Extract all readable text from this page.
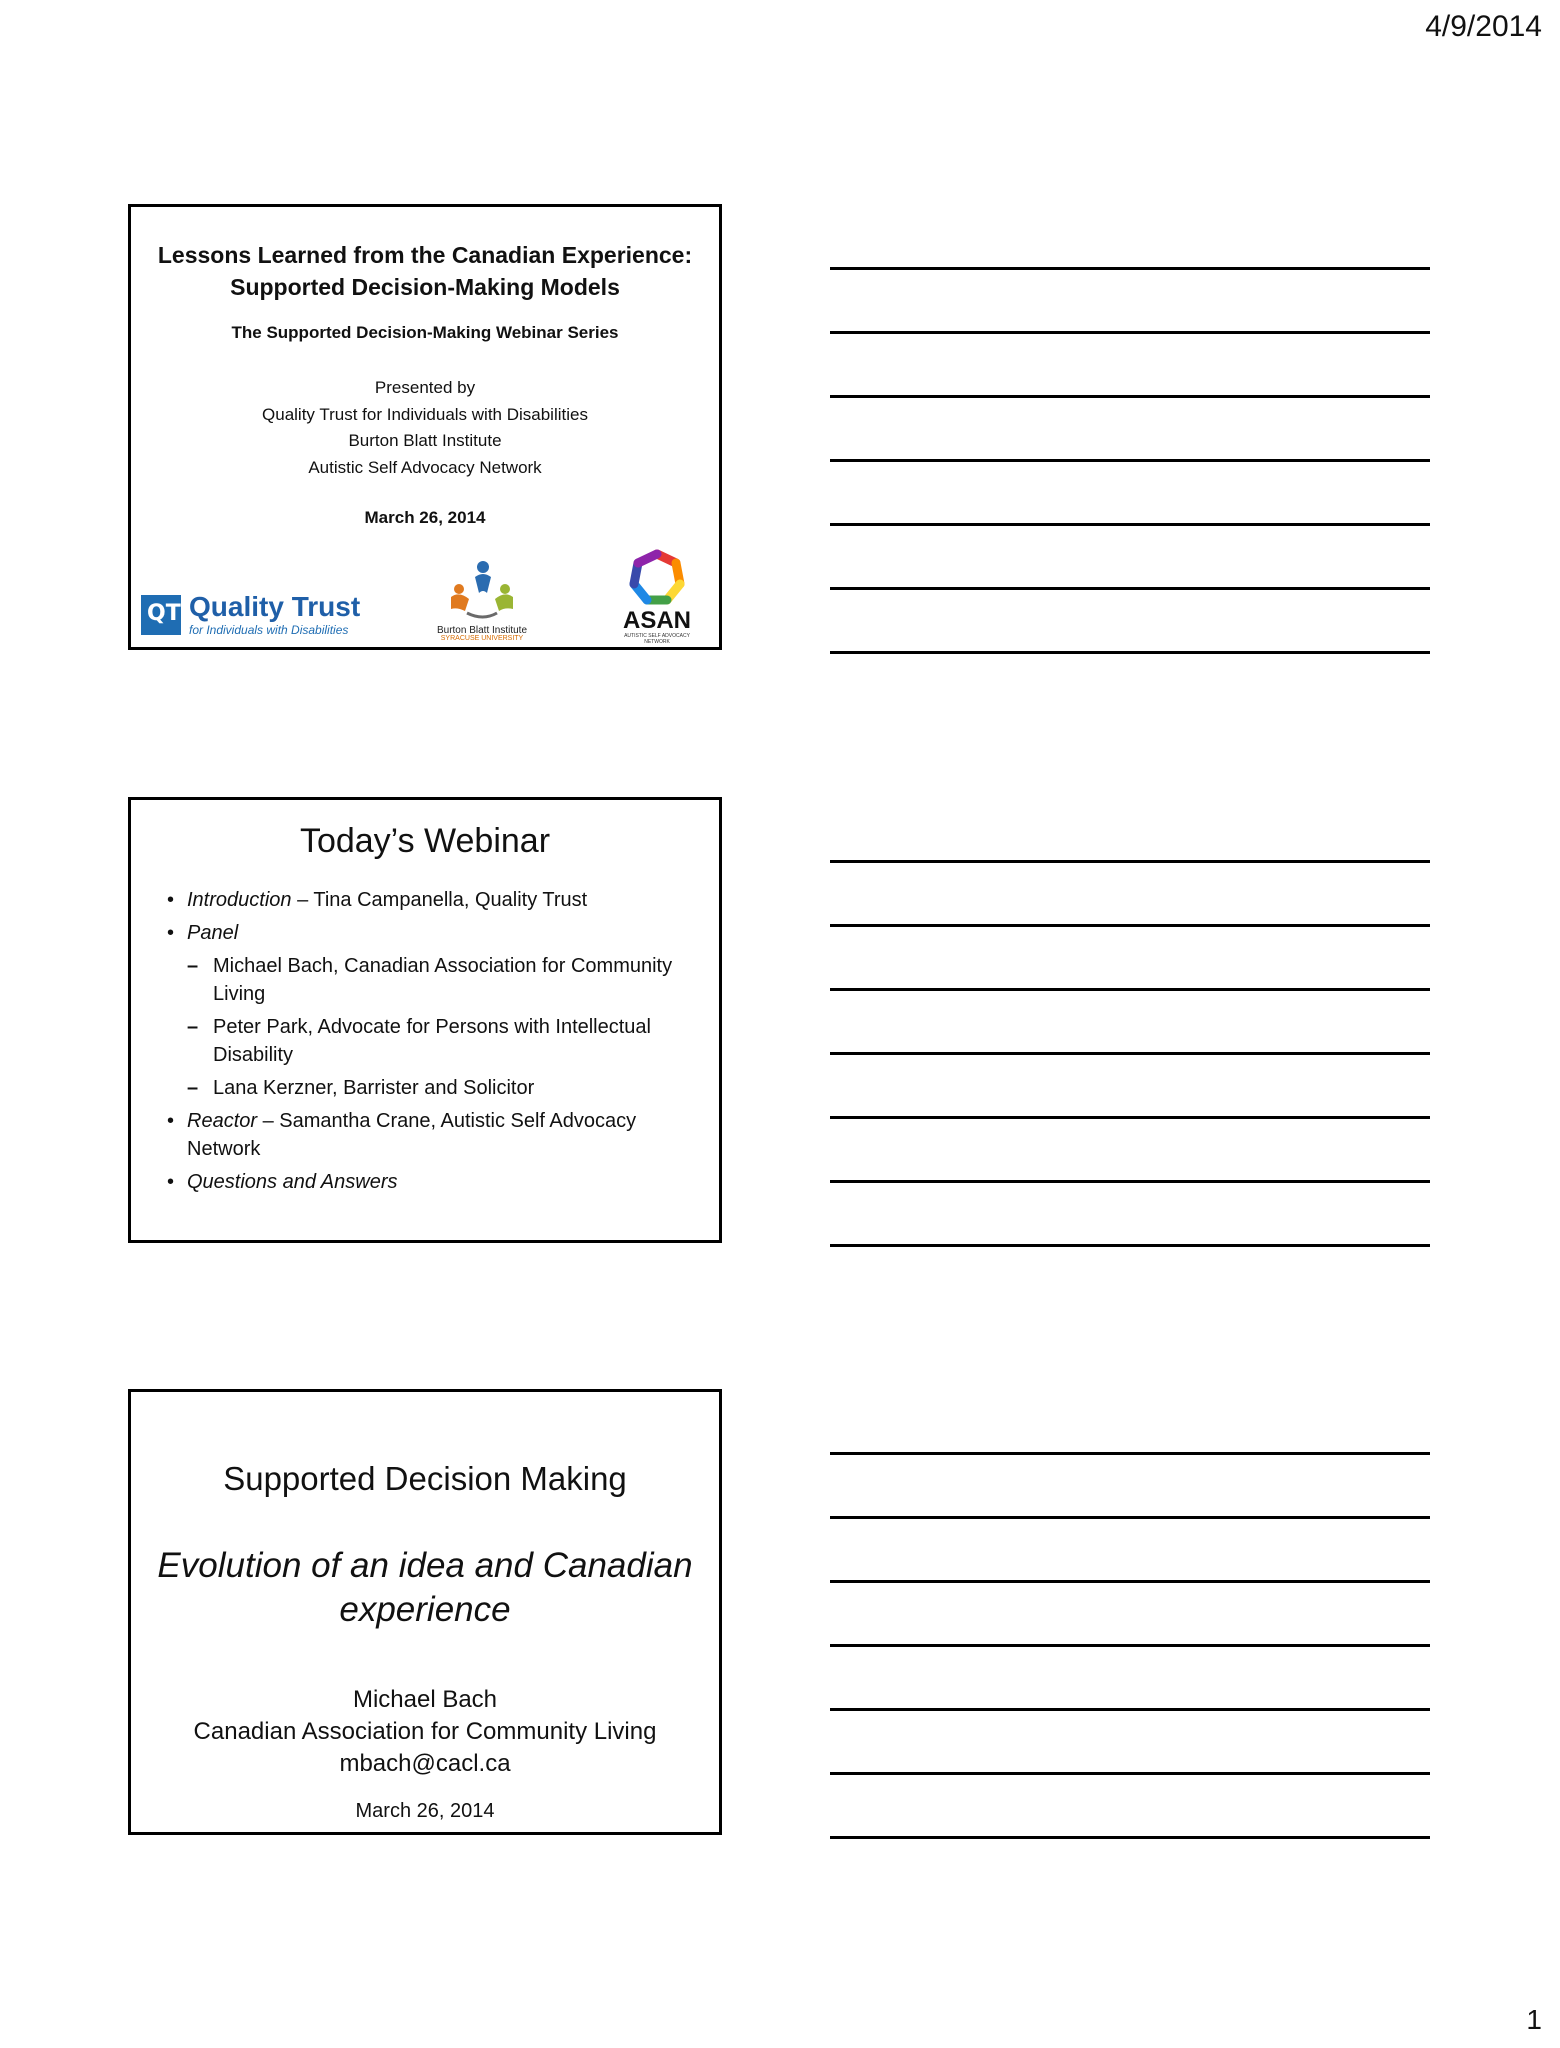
4/9/2014
Lessons Learned from the Canadian Experience:
Supported Decision-Making Models
The Supported Decision-Making Webinar Series
Presented by
Quality Trust for Individuals with Disabilities
Burton Blatt Institute
Autistic Self Advocacy Network
March 26, 2014
QT Quality Trust
for Individuals with Disabilities	Burton Blatt Institute
SYRACUSE UNIVERSITY
ASAN
AUTISTIC SELF ADVOCACY NETWORK
Today’s Webinar
• Introduction – Tina Campanella, Quality Trust
• Panel
– Michael Bach, Canadian Association for Community Living
– Peter Park, Advocate for Persons with Intellectual Disability
– Lana Kerzner, Barrister and Solicitor
• Reactor – Samantha Crane, Autistic Self Advocacy Network
• Questions and Answers
Supported Decision Making
Evolution of an idea and Canadian experience
Michael Bach
Canadian Association for Community Living
mbach@cacl.ca
March 26, 2014
1
